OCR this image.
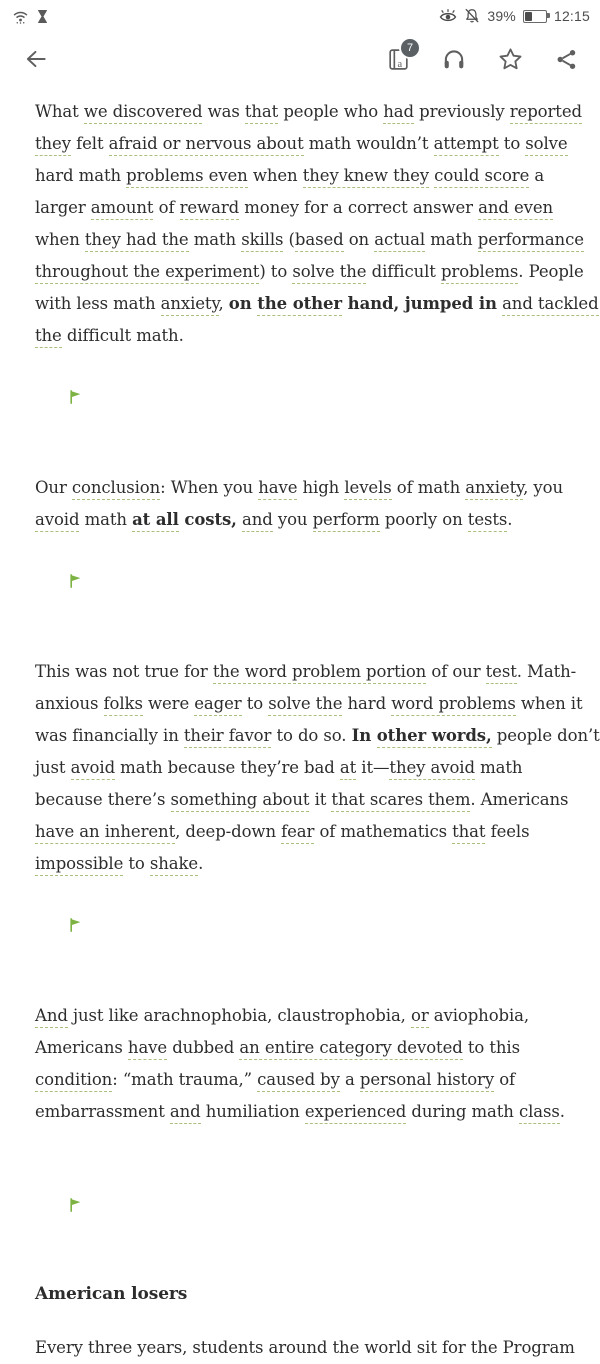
39%	12:15
a
7
What we discovered was that people who had previously reported
they felt afraid or nervous about math wouldn’t attempt to solve
hard math problems even when they knew they could score a
larger amount of reward money for a correct answer and even
when they had the math skills (based on actual math performance
throughout the experiment) to solve the difficult problems. People
with less math anxiety, on the other hand, jumped in and tackled
the difficult math.

Our conclusion: When you have high levels of math anxiety, you
avoid math at all costs, and you perform poorly on tests.

This was not true for the word problem portion of our test. Math-
anxious folks were eager to solve the hard word problems when it
was financially in their favor to do so. In other words, people don’t
just avoid math because they’re bad at it—they avoid math
because there’s something about it that scares them. Americans
have an inherent, deep-down fear of mathematics that feels
impossible to shake.

And just like arachnophobia, claustrophobia, or aviophobia,
Americans have dubbed an entire category devoted to this
condition: “math trauma,” caused by a personal history of
embarrassment and humiliation experienced during math class.

American losers
Every three years, students around the world sit for the Program
